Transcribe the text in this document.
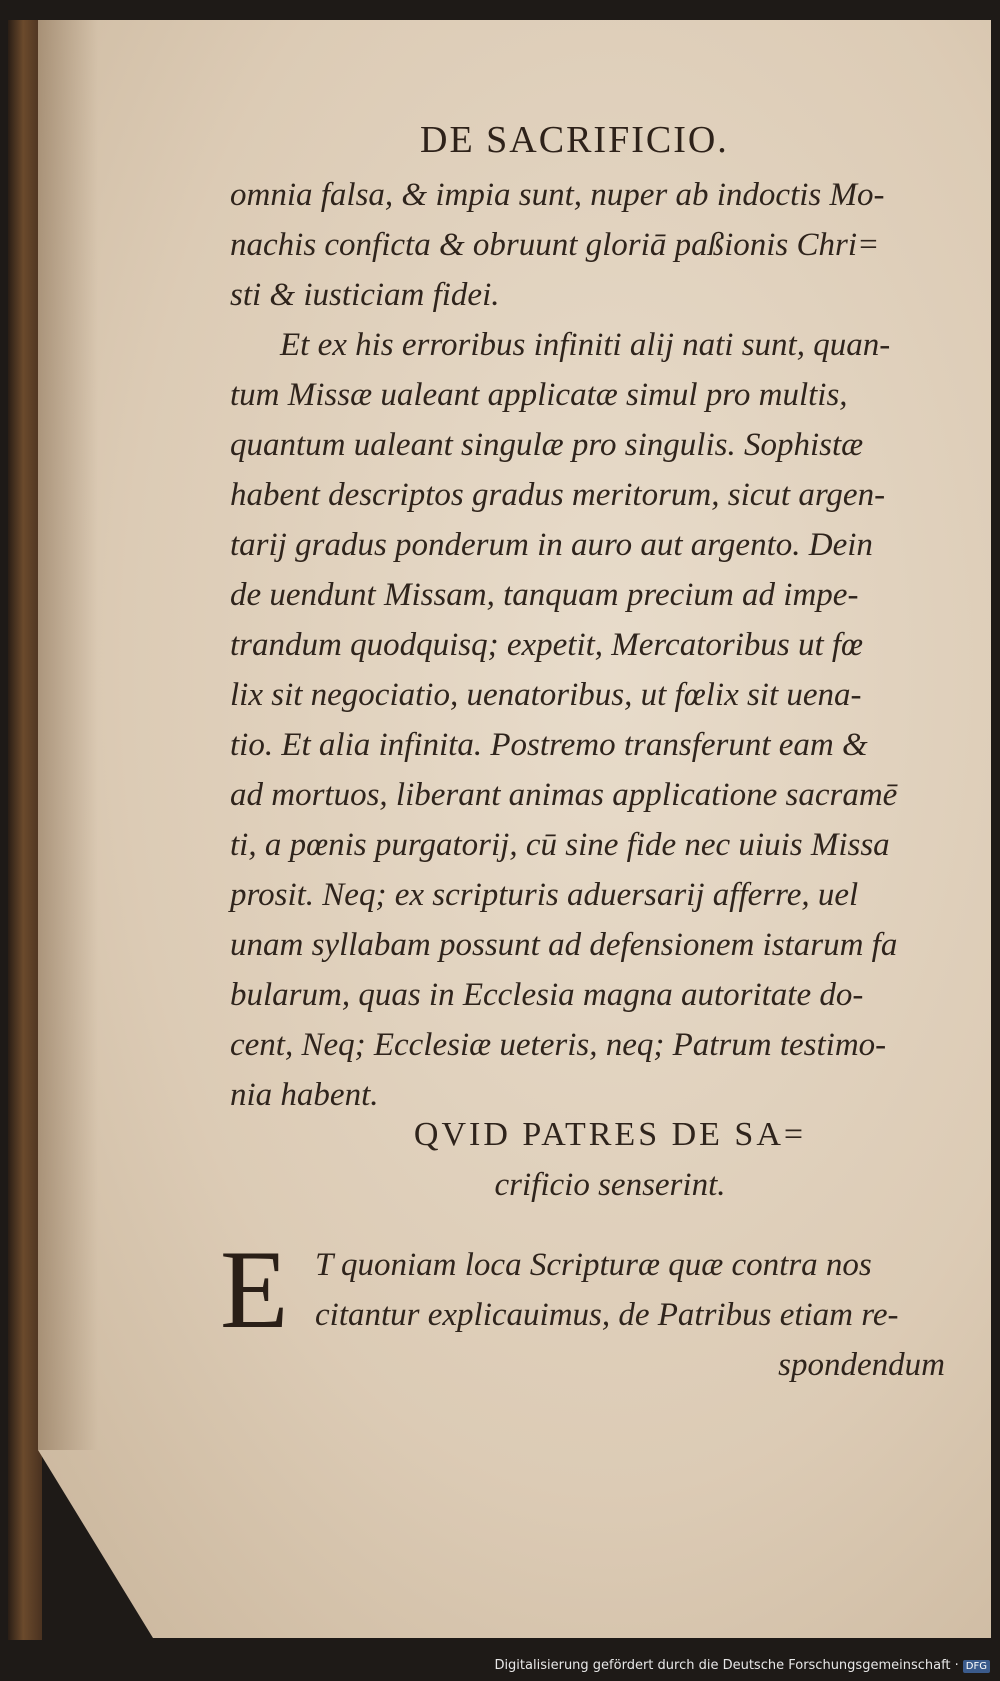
DE SACRIFICIO.
omnia falsa, & impia sunt, nuper ab indoctis Mo-
nachis conficta & obruunt gloriā paßionis Chri=
sti & iusticiam fidei.
Et ex his erroribus infiniti alij nati sunt, quan-
tum Missæ ualeant applicatæ simul pro multis,
quantum ualeant singulæ pro singulis. Sophistæ
habent descriptos gradus meritorum, sicut argen-
tarij gradus ponderum in auro aut argento. Dein
de uendunt Missam, tanquam precium ad impe-
trandum quodquisq; expetit, Mercatoribus ut fœ
lix sit negociatio, uenatoribus, ut fœlix sit uena-
tio. Et alia infinita. Postremo transferunt eam &
ad mortuos, liberant animas applicatione sacramē
ti, a pœnis purgatorij, cū sine fide nec uiuis Missa
prosit. Neq; ex scripturis aduersarij afferre, uel
unam syllabam possunt ad defensionem istarum fa
bularum, quas in Ecclesia magna autoritate do-
cent, Neq; Ecclesiæ ueteris, neq; Patrum testimo-
nia habent.
QVID PATRES DE SA=
crificio senserint.
E T quoniam loca Scripturæ quæ contra nos
citantur explicauimus, de Patribus etiam re-
spondendum
Digitalisierung gefördert durch die Deutsche Forschungsgemeinschaft · DFG
